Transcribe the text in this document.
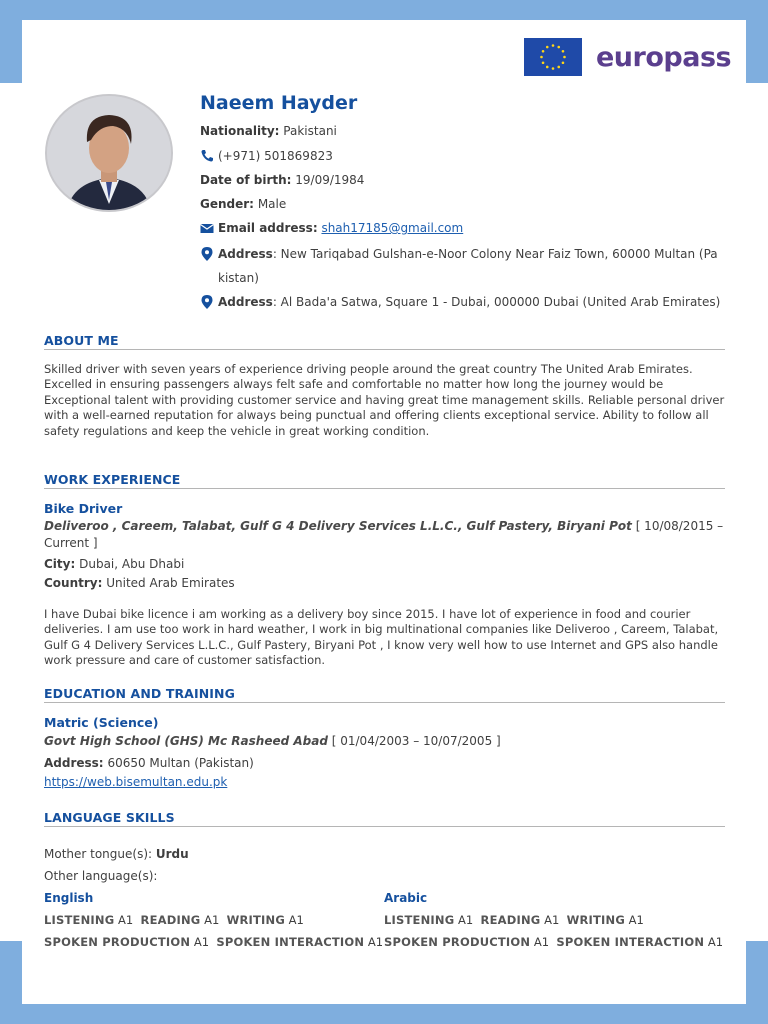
europass
Naeem Hayder
Nationality: Pakistani
(+971) 501869823
Date of birth: 19/09/1984
Gender: Male
Email address: shah17185@gmail.com
Address: New Tariqabad Gulshan-e-Noor Colony Near Faiz Town, 60000 Multan (Pa kistan)
Address: Al Bada'a Satwa, Square 1 - Dubai, 000000 Dubai (United Arab Emirates)
ABOUT ME
Skilled driver with seven years of experience driving people around the great country The United Arab Emirates. Excelled in ensuring passengers always felt safe and comfortable no matter how long the journey would be Exceptional talent with providing customer service and having great time management skills. Reliable personal driver with a well-earned reputation for always being punctual and offering clients exceptional service. Ability to follow all safety regulations and keep the vehicle in great working condition.
WORK EXPERIENCE
Bike Driver
Deliveroo , Careem, Talabat, Gulf G 4 Delivery Services L.L.C., Gulf Pastery, Biryani Pot [ 10/08/2015 – Current ]
City: Dubai, Abu Dhabi
Country: United Arab Emirates
I have Dubai bike licence i am working as a delivery boy since 2015. I have lot of experience in food and courier deliveries. I am use too work in hard weather, I work in big multinational companies like Deliveroo , Careem, Talabat, Gulf G 4 Delivery Services L.L.C., Gulf Pastery, Biryani Pot , I know very well how to use Internet and GPS also handle work pressure and care of customer satisfaction.
EDUCATION AND TRAINING
Matric (Science)
Govt High School (GHS) Mc Rasheed Abad [ 01/04/2003 – 10/07/2005 ]
Address: 60650 Multan (Pakistan)
https://web.bisemultan.edu.pk
LANGUAGE SKILLS
Mother tongue(s): Urdu
Other language(s):
English
LISTENING A1 READING A1 WRITING A1
SPOKEN PRODUCTION A1 SPOKEN INTERACTION A1
Arabic
LISTENING A1 READING A1 WRITING A1
SPOKEN PRODUCTION A1 SPOKEN INTERACTION A1
